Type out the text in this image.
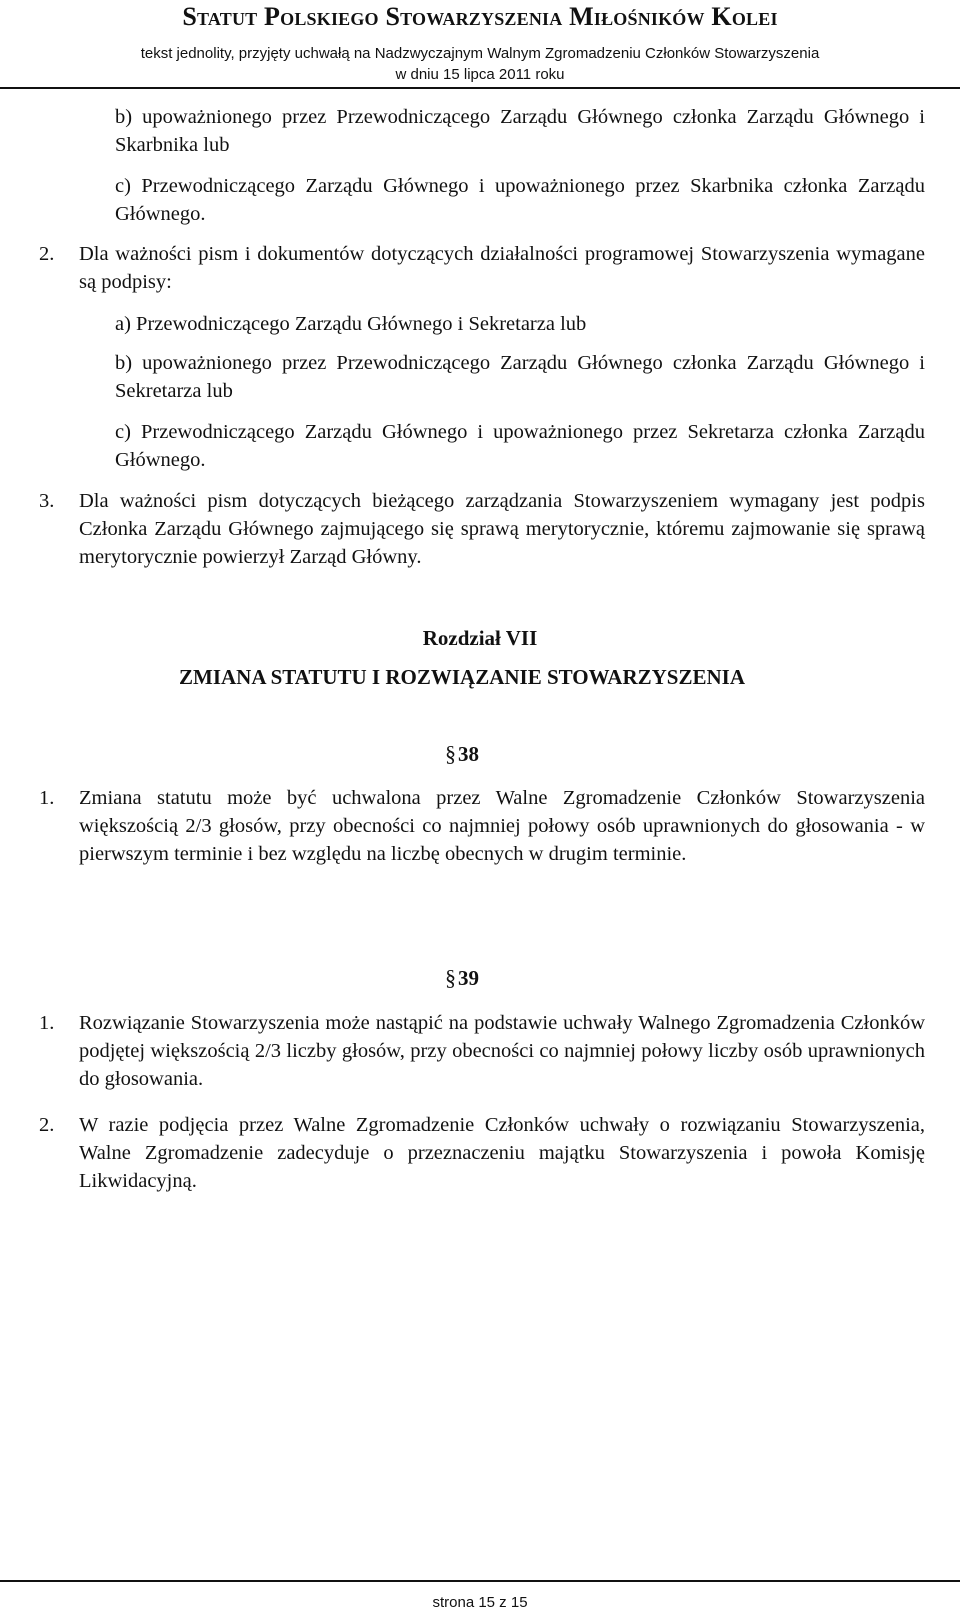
Statut Polskiego Stowarzyszenia Miłośników Kolei
tekst jednolity, przyjęty uchwałą na Nadzwyczajnym Walnym Zgromadzeniu Członków Stowarzyszenia
w dniu 15 lipca 2011 roku
b) upoważnionego przez Przewodniczącego Zarządu Głównego członka Zarządu Głównego i Skarbnika lub
c) Przewodniczącego Zarządu Głównego i upoważnionego przez Skarbnika członka Zarządu Głównego.
2. Dla ważności pism i dokumentów dotyczących działalności programowej Stowarzyszenia wymagane są podpisy:
a) Przewodniczącego Zarządu Głównego i Sekretarza lub
b) upoważnionego przez Przewodniczącego Zarządu Głównego członka Zarządu Głównego i Sekretarza lub
c) Przewodniczącego Zarządu Głównego i upoważnionego przez Sekretarza członka Zarządu Głównego.
3. Dla ważności pism dotyczących bieżącego zarządzania Stowarzyszeniem wymagany jest podpis Członka Zarządu Głównego zajmującego się sprawą merytorycznie, któremu zajmowanie się sprawą merytorycznie powierzył Zarząd Główny.
Rozdział VII
ZMIANA STATUTU I ROZWIĄZANIE STOWARZYSZENIA
§38
1. Zmiana statutu może być uchwalona przez Walne Zgromadzenie Członków Stowarzyszenia większością 2/3 głosów, przy obecności co najmniej połowy osób uprawnionych do głosowania - w pierwszym terminie i bez względu na liczbę obecnych w drugim terminie.
§39
1. Rozwiązanie Stowarzyszenia może nastąpić na podstawie uchwały Walnego Zgromadzenia Członków podjętej większością 2/3 liczby głosów, przy obecności co najmniej połowy liczby osób uprawnionych do głosowania.
2. W razie podjęcia przez Walne Zgromadzenie Członków uchwały o rozwiązaniu Stowarzyszenia, Walne Zgromadzenie zadecyduje o przeznaczeniu majątku Stowarzyszenia i powoła Komisję Likwidacyjną.
strona 15 z 15
